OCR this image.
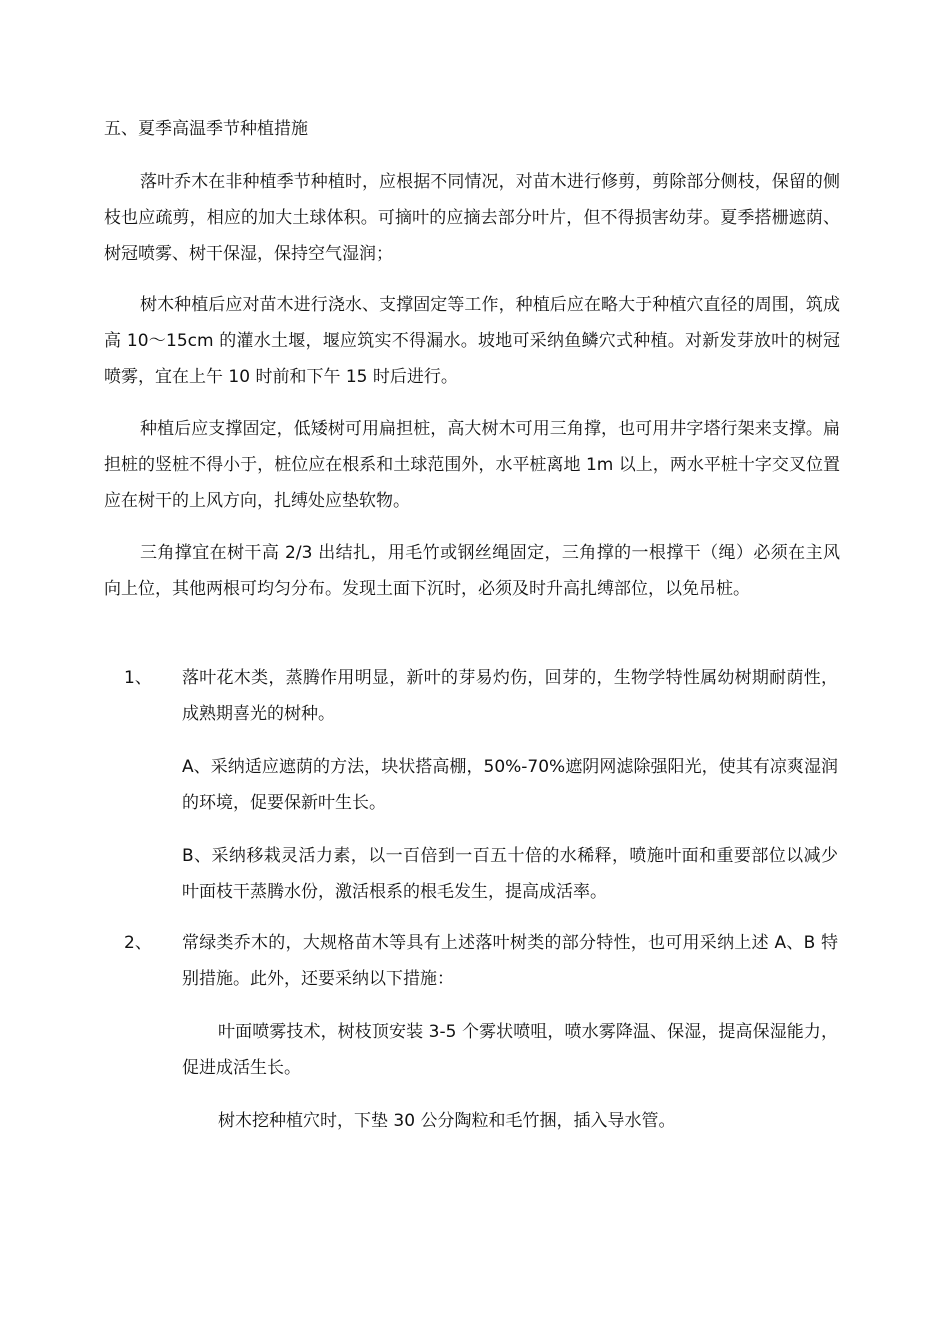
五、夏季高温季节种植措施

落叶乔木在非种植季节种植时，应根据不同情况，对苗木进行修剪，剪除部分侧枝，保留的侧枝也应疏剪，相应的加大土球体积。可摘叶的应摘去部分叶片，但不得损害幼芽。夏季搭栅遮荫、树冠喷雾、树干保湿，保持空气湿润；

树木种植后应对苗木进行浇水、支撑固定等工作，种植后应在略大于种植穴直径的周围，筑成高 10～15cm 的灌水土堰，堰应筑实不得漏水。坡地可采纳鱼鳞穴式种植。对新发芽放叶的树冠喷雾，宜在上午 10 时前和下午 15 时后进行。

种植后应支撑固定，低矮树可用扁担桩，高大树木可用三角撑，也可用井字塔行架来支撑。扁担桩的竖桩不得小于，桩位应在根系和土球范围外，水平桩离地 1m 以上，两水平桩十字交叉位置应在树干的上风方向，扎缚处应垫软物。

三角撑宜在树干高 2/3 出结扎，用毛竹或钢丝绳固定，三角撑的一根撑干（绳）必须在主风向上位，其他两根可均匀分布。发现土面下沉时，必须及时升高扎缚部位，以免吊桩。

1、 落叶花木类，蒸腾作用明显，新叶的芽易灼伤，回芽的，生物学特性属幼树期耐荫性，成熟期喜光的树种。

A、采纳适应遮荫的方法，块状搭高棚，50%-70%遮阴网滤除强阳光，使其有凉爽湿润的环境，促要保新叶生长。

B、采纳移栽灵活力素，以一百倍到一百五十倍的水稀释，喷施叶面和重要部位以减少叶面枝干蒸腾水份，激活根系的根毛发生，提高成活率。

2、 常绿类乔木的，大规格苗木等具有上述落叶树类的部分特性，也可用采纳上述 A、B 特别措施。此外，还要采纳以下措施：

叶面喷雾技术，树枝顶安装 3-5 个雾状喷咀，喷水雾降温、保湿，提高保湿能力，促进成活生长。

树木挖种植穴时，下垫 30 公分陶粒和毛竹捆，插入导水管。
